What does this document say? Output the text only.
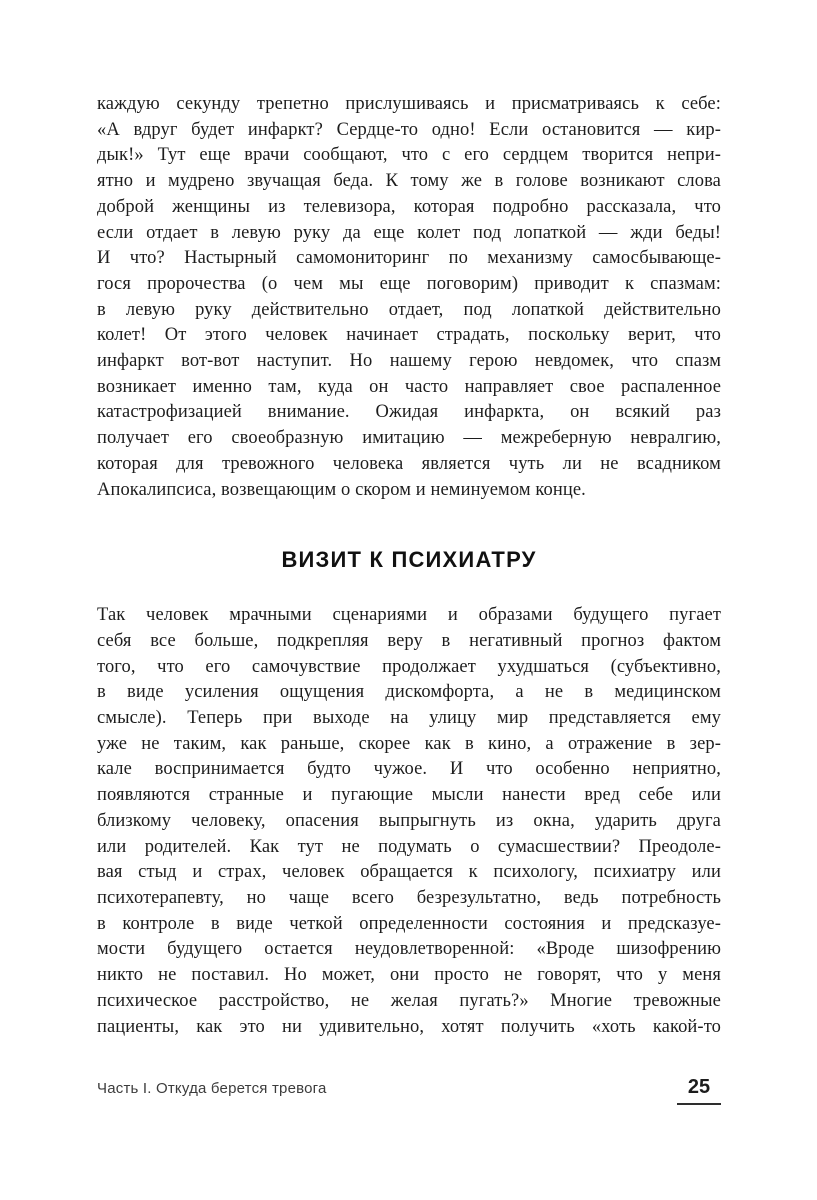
каждую секунду трепетно прислушиваясь и присматриваясь к себе:
«А вдруг будет инфаркт? Сердце-то одно! Если остановится — кир-
дык!» Тут еще врачи сообщают, что с его сердцем творится непри-
ятно и мудрено звучащая беда. К тому же в голове возникают слова
доброй женщины из телевизора, которая подробно рассказала, что
если отдает в левую руку да еще колет под лопаткой — жди беды!
И что? Настырный самомониторинг по механизму самосбывающе-
гося пророчества (о чем мы еще поговорим) приводит к спазмам:
в левую руку действительно отдает, под лопаткой действительно
колет! От этого человек начинает страдать, поскольку верит, что
инфаркт вот-вот наступит. Но нашему герою невдомек, что спазм
возникает именно там, куда он часто направляет свое распаленное
катастрофизацией внимание. Ожидая инфаркта, он всякий раз
получает его своеобразную имитацию — межреберную невралгию,
которая для тревожного человека является чуть ли не всадником
Апокалипсиса, возвещающим о скором и неминуемом конце.
ВИЗИТ К ПСИХИАТРУ
Так человек мрачными сценариями и образами будущего пугает
себя все больше, подкрепляя веру в негативный прогноз фактом
того, что его самочувствие продолжает ухудшаться (субъективно,
в виде усиления ощущения дискомфорта, а не в медицинском
смысле). Теперь при выходе на улицу мир представляется ему
уже не таким, как раньше, скорее как в кино, а отражение в зер-
кале воспринимается будто чужое. И что особенно неприятно,
появляются странные и пугающие мысли нанести вред себе или
близкому человеку, опасения выпрыгнуть из окна, ударить друга
или родителей. Как тут не подумать о сумасшествии? Преодоле-
вая стыд и страх, человек обращается к психологу, психиатру или
психотерапевту, но чаще всего безрезультатно, ведь потребность
в контроле в виде четкой определенности состояния и предсказуе-
мости будущего остается неудовлетворенной: «Вроде шизофрению
никто не поставил. Но может, они просто не говорят, что у меня
психическое расстройство, не желая пугать?» Многие тревожные
пациенты, как это ни удивительно, хотят получить «хоть какой-то
Часть I. Откуда берется тревога	25
